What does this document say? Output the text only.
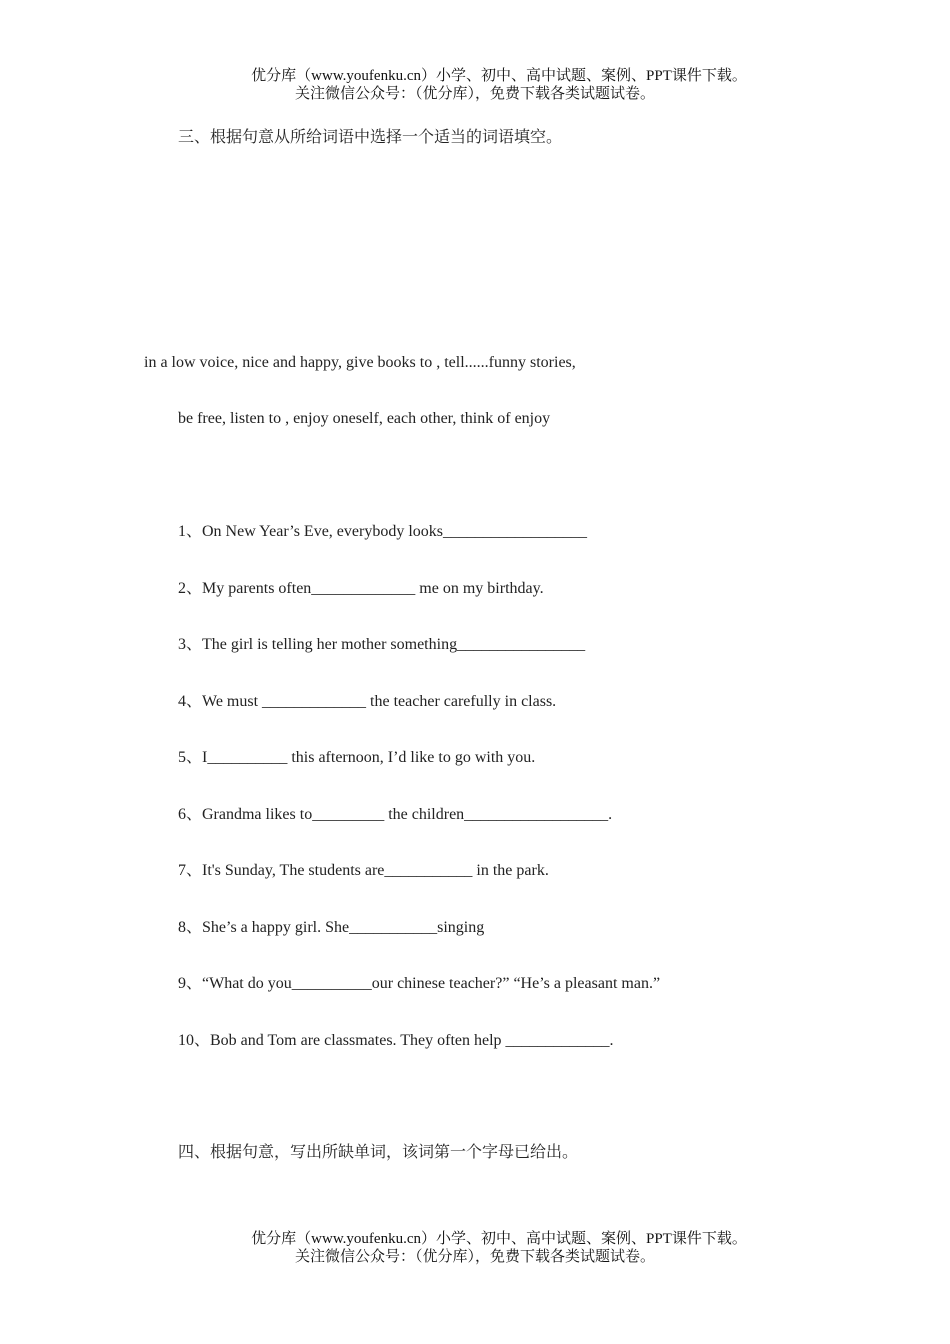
优分库（www.youfenku.cn）小学、初中、高中试题、案例、PPT课件下载。
关注微信公众号：（优分库），免费下载各类试题试卷。
三、根据句意从所给词语中选择一个适当的词语填空。
in a low voice, nice and happy, give books to , tell......funny stories,
be free, listen to , enjoy oneself, each other, think of enjoy
1、On New Year’s Eve, everybody looks__________________
2、My parents often_____________ me on my birthday.
3、The girl is telling her mother something________________
4、We must _____________ the teacher carefully in class.
5、I__________ this afternoon, I’d like to go with you.
6、Grandma likes to_________ the children__________________.
7、It's Sunday, The students are___________ in the park.
8、She’s a happy girl. She___________singing
9、“What do you__________our chinese teacher?” “He’s a pleasant man.”
10、Bob and Tom are classmates. They often help _____________.
四、根据句意，写出所缺单词，该词第一个字母已给出。
优分库（www.youfenku.cn）小学、初中、高中试题、案例、PPT课件下载。
关注微信公众号：（优分库），免费下载各类试题试卷。
